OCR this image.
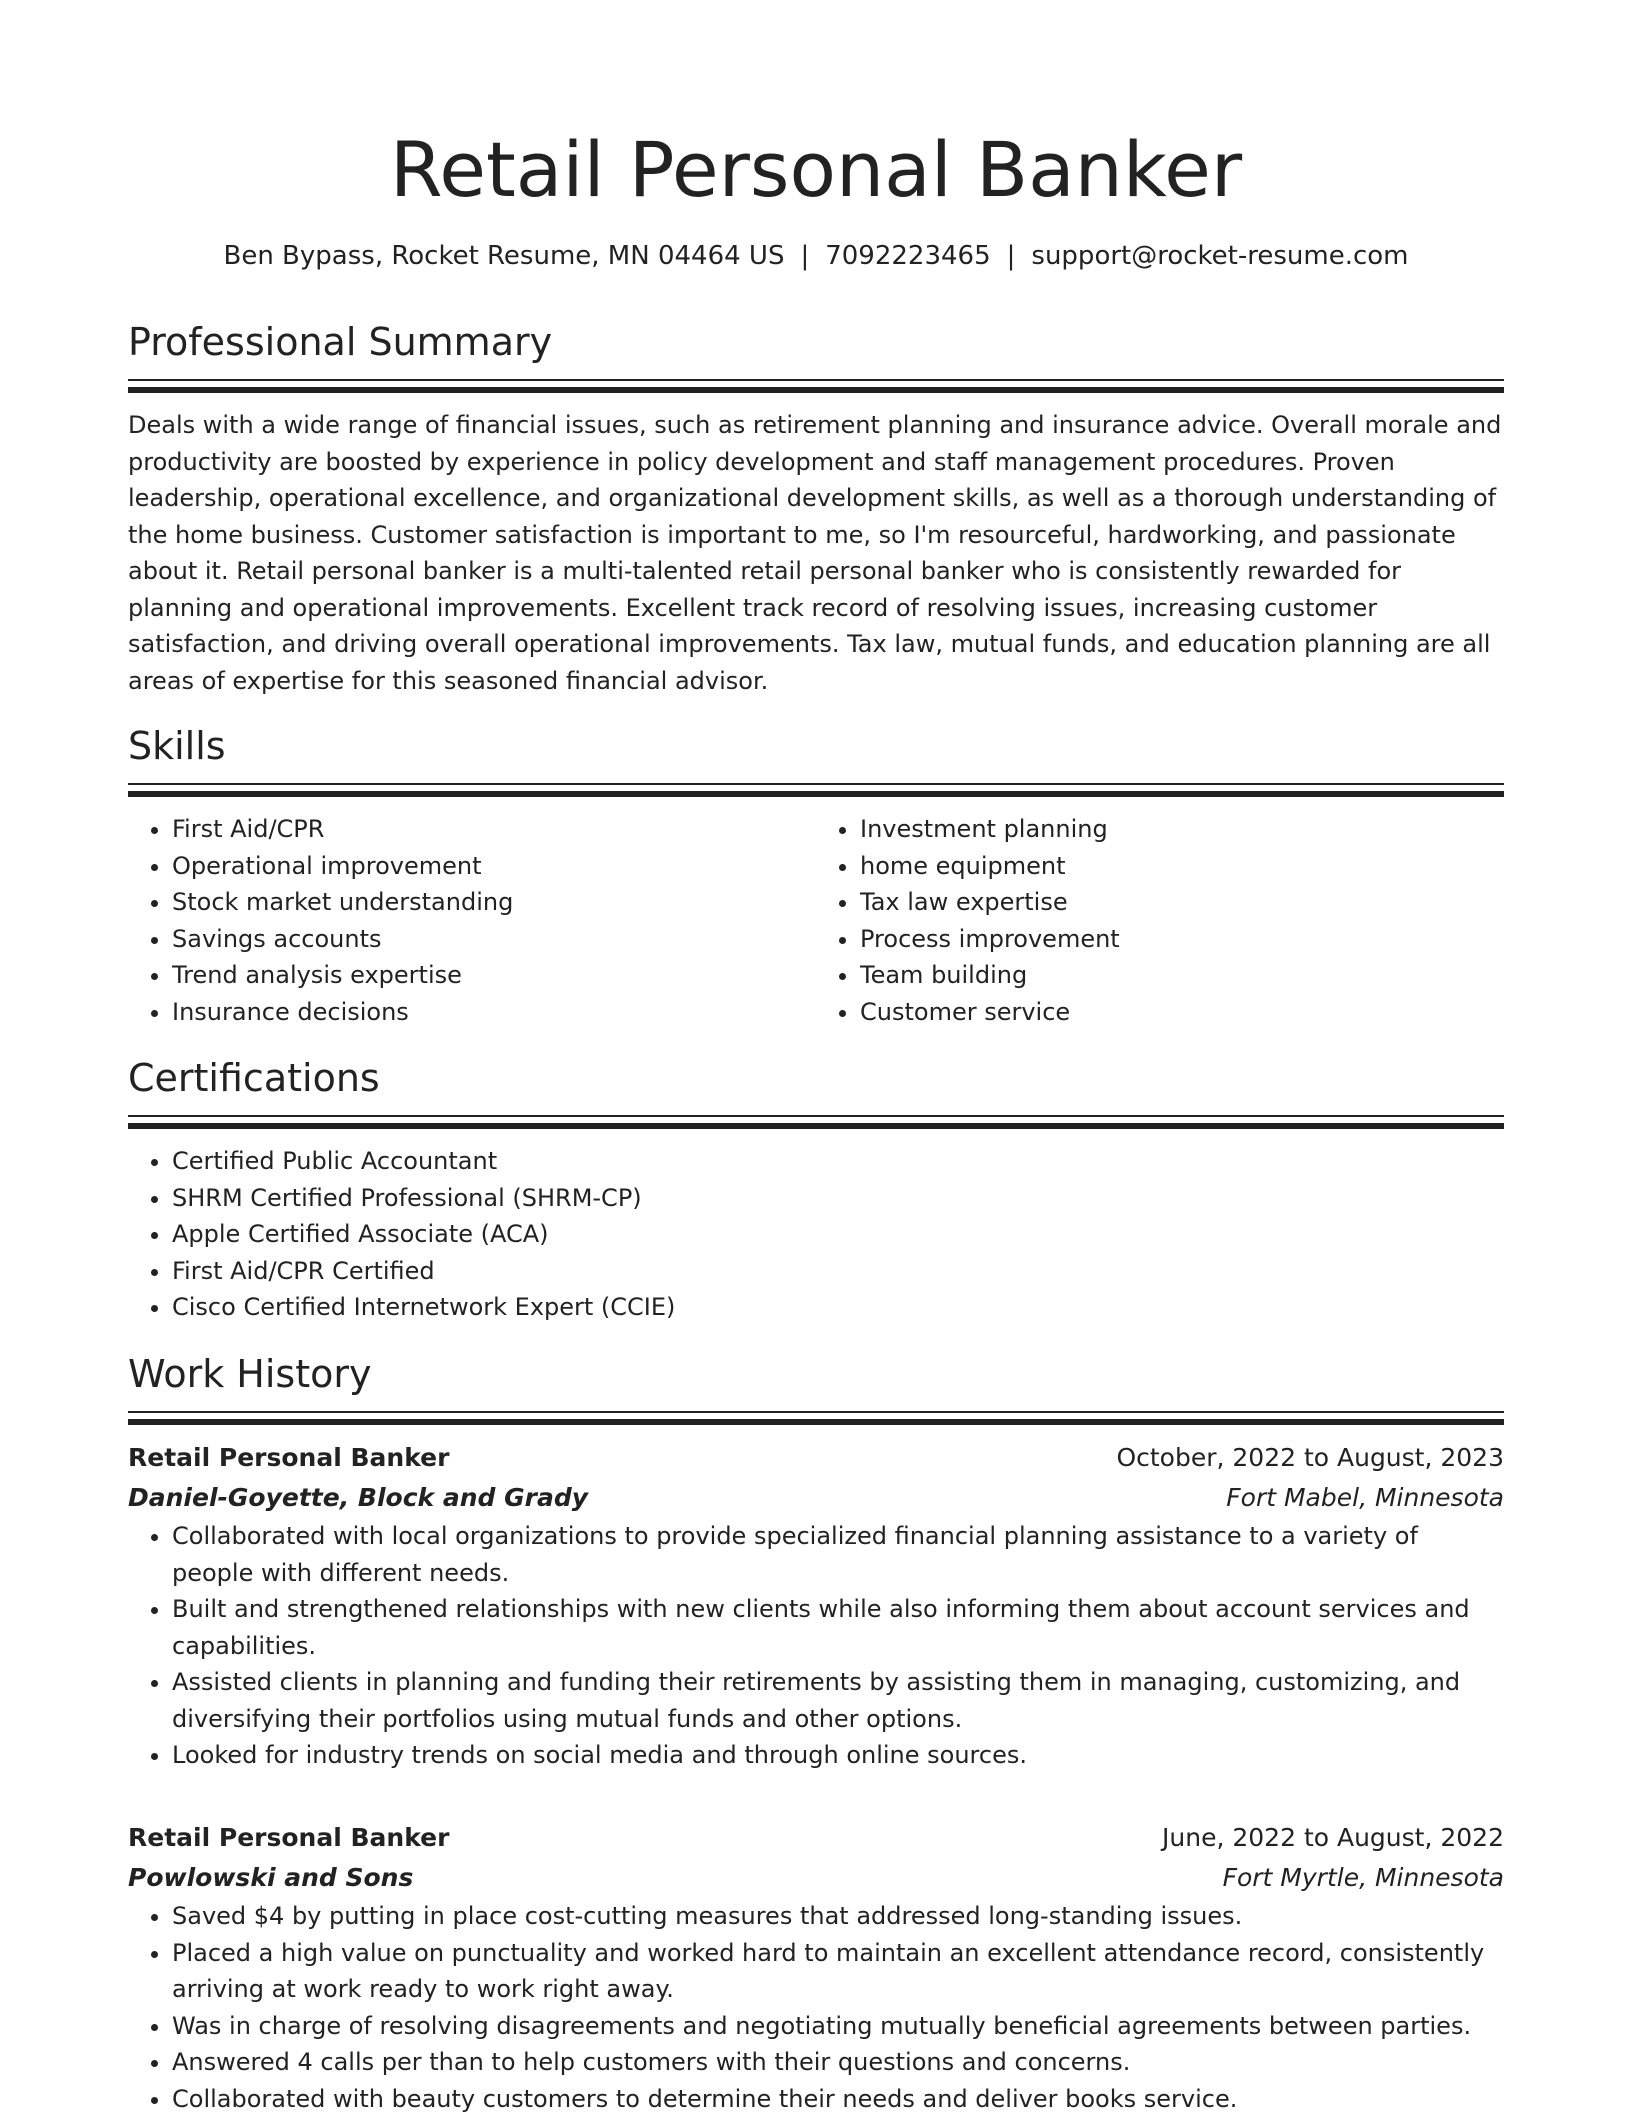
Retail Personal Banker
Ben Bypass, Rocket Resume, MN 04464 US | 7092223465 | support@rocket-resume.com
Professional Summary

Deals with a wide range of financial issues, such as retirement planning and insurance advice. Overall morale and productivity are boosted by experience in policy development and staff management procedures. Proven leadership, operational excellence, and organizational development skills, as well as a thorough understanding of the home business. Customer satisfaction is important to me, so I'm resourceful, hardworking, and passionate about it. Retail personal banker is a multi-talented retail personal banker who is consistently rewarded for planning and operational improvements. Excellent track record of resolving issues, increasing customer satisfaction, and driving overall operational improvements. Tax law, mutual funds, and education planning are all areas of expertise for this seasoned financial advisor.

Skills
• First Aid/CPR
• Operational improvement
• Stock market understanding
• Savings accounts
• Trend analysis expertise
• Insurance decisions
• Investment planning
• home equipment
• Tax law expertise
• Process improvement
• Team building
• Customer service
Certifications
• Certified Public Accountant
• SHRM Certified Professional (SHRM-CP)
• Apple Certified Associate (ACA)
• First Aid/CPR Certified
• Cisco Certified Internetwork Expert (CCIE)
Work History
Retail Personal Banker	October, 2022 to August, 2023
Daniel-Goyette, Block and Grady	Fort Mabel, Minnesota
• Collaborated with local organizations to provide specialized financial planning assistance to a variety of people with different needs.
• Built and strengthened relationships with new clients while also informing them about account services and capabilities.
• Assisted clients in planning and funding their retirements by assisting them in managing, customizing, and diversifying their portfolios using mutual funds and other options.
• Looked for industry trends on social media and through online sources.
Retail Personal Banker	June, 2022 to August, 2022
Powlowski and Sons	Fort Myrtle, Minnesota
• Saved $4 by putting in place cost-cutting measures that addressed long-standing issues.
• Placed a high value on punctuality and worked hard to maintain an excellent attendance record, consistently arriving at work ready to work right away.
• Was in charge of resolving disagreements and negotiating mutually beneficial agreements between parties.
• Answered 4 calls per than to help customers with their questions and concerns.
• Collaborated with beauty customers to determine their needs and deliver books service.
